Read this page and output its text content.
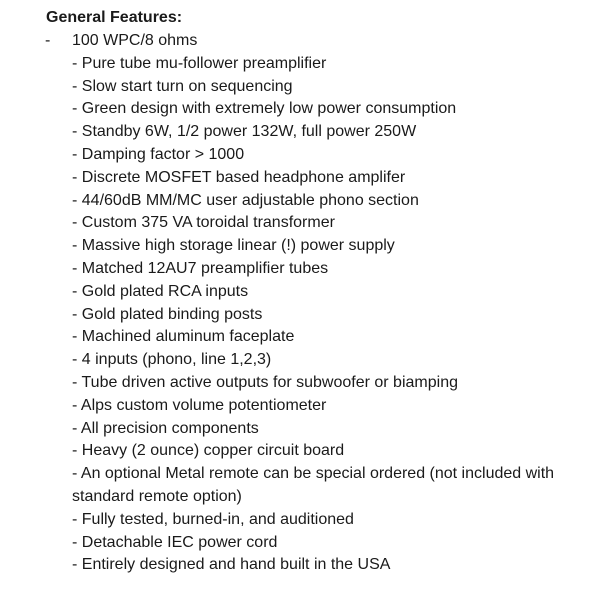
General Features:
- 100 WPC/8 ohms
- Pure tube mu-follower preamplifier
- Slow start turn on sequencing
- Green design with extremely low power consumption
- Standby 6W, 1/2 power 132W, full power 250W
- Damping factor > 1000
- Discrete MOSFET based headphone amplifer
- 44/60dB MM/MC user adjustable phono section
- Custom 375 VA toroidal transformer
- Massive high storage linear (!) power supply
- Matched 12AU7 preamplifier tubes
- Gold plated RCA inputs
- Gold plated binding posts
- Machined aluminum faceplate
- 4 inputs (phono, line 1,2,3)
- Tube driven active outputs for subwoofer or biamping
- Alps custom volume potentiometer
- All precision components
- Heavy (2 ounce) copper circuit board
- An optional Metal remote can be special ordered (not included with standard remote option)
- Fully tested, burned-in, and auditioned
- Detachable IEC power cord
- Entirely designed and hand built in the USA
